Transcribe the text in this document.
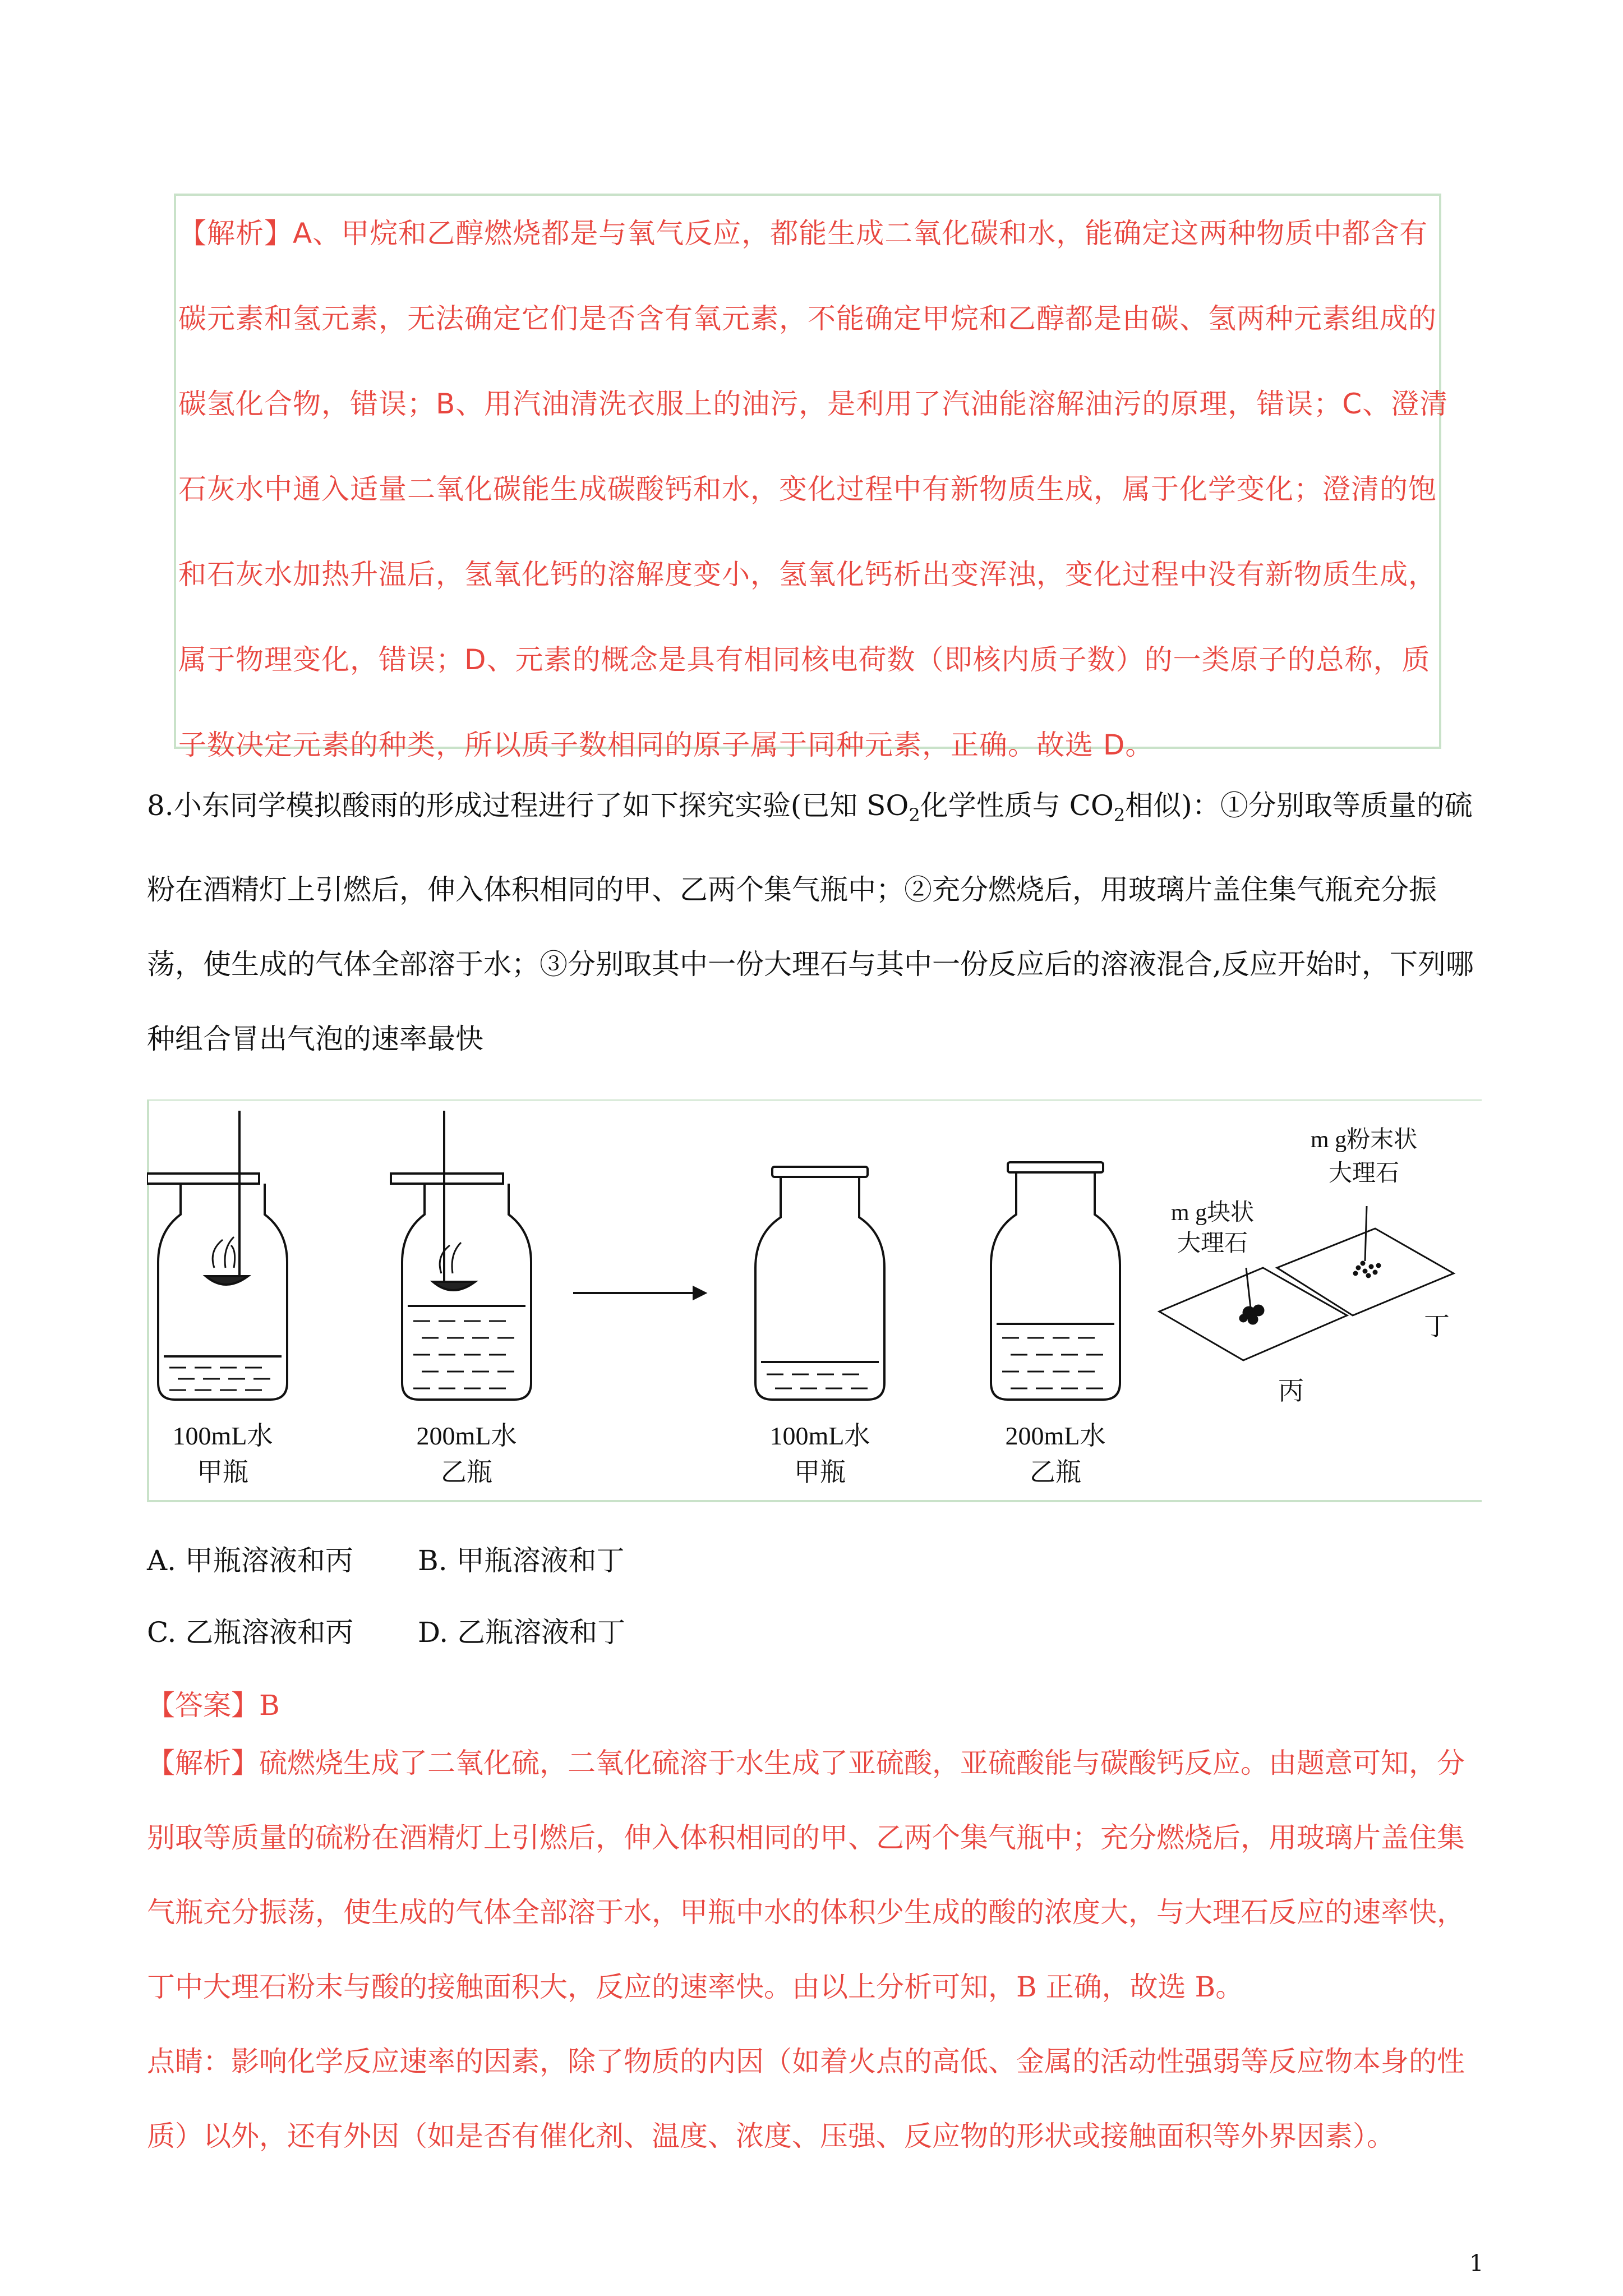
【解析】A、甲烷和乙醇燃烧都是与氧气反应，都能生成二氧化碳和水，能确定这两种物质中都含有碳元素和氢元素，无法确定它们是否含有氧元素，不能确定甲烷和乙醇都是由碳、氢两种元素组成的碳氢化合物，错误；B、用汽油清洗衣服上的油污，是利用了汽油能溶解油污的原理，错误；C、澄清石灰水中通入适量二氧化碳能生成碳酸钙和水，变化过程中有新物质生成，属于化学变化；澄清的饱和石灰水加热升温后，氢氧化钙的溶解度变小，氢氧化钙析出变浑浊，变化过程中没有新物质生成，属于物理变化，错误；D、元素的概念是具有相同核电荷数（即核内质子数）的一类原子的总称，质子数决定元素的种类，所以质子数相同的原子属于同种元素，正确。故选 D。

8.小东同学模拟酸雨的形成过程进行了如下探究实验(已知 $SO_2$化学性质与 $CO_2$相似)：①分别取等质量的硫粉在酒精灯上引燃后，伸入体积相同的甲、乙两个集气瓶中；②充分燃烧后，用玻璃片盖住集气瓶充分振荡，使生成的气体全部溶于水；③分别取其中一份大理石与其中一份反应后的溶液混合,反应开始时，下列哪种组合冒出气泡的速率最快

100mL水
甲瓶
200mL水
乙瓶
100mL水
甲瓶
200mL水
乙瓶
m g块状
大理石
m g粉末状
大理石
丙
丁
A. 甲瓶溶液和丙 B. 甲瓶溶液和丁
C. 乙瓶溶液和丙 D. 乙瓶溶液和丁
【答案】B

【解析】硫燃烧生成了二氧化硫，二氧化硫溶于水生成了亚硫酸，亚硫酸能与碳酸钙反应。由题意可知，分别取等质量的硫粉在酒精灯上引燃后，伸入体积相同的甲、乙两个集气瓶中；充分燃烧后，用玻璃片盖住集气瓶充分振荡，使生成的气体全部溶于水，甲瓶中水的体积少生成的酸的浓度大，与大理石反应的速率快，丁中大理石粉末与酸的接触面积大，反应的速率快。由以上分析可知，B 正确，故选 B。
点睛：影响化学反应速率的因素，除了物质的内因（如着火点的高低、金属的活动性强弱等反应物本身的性质）以外，还有外因（如是否有催化剂、温度、浓度、压强、反应物的形状或接触面积等外界因素）。

1
